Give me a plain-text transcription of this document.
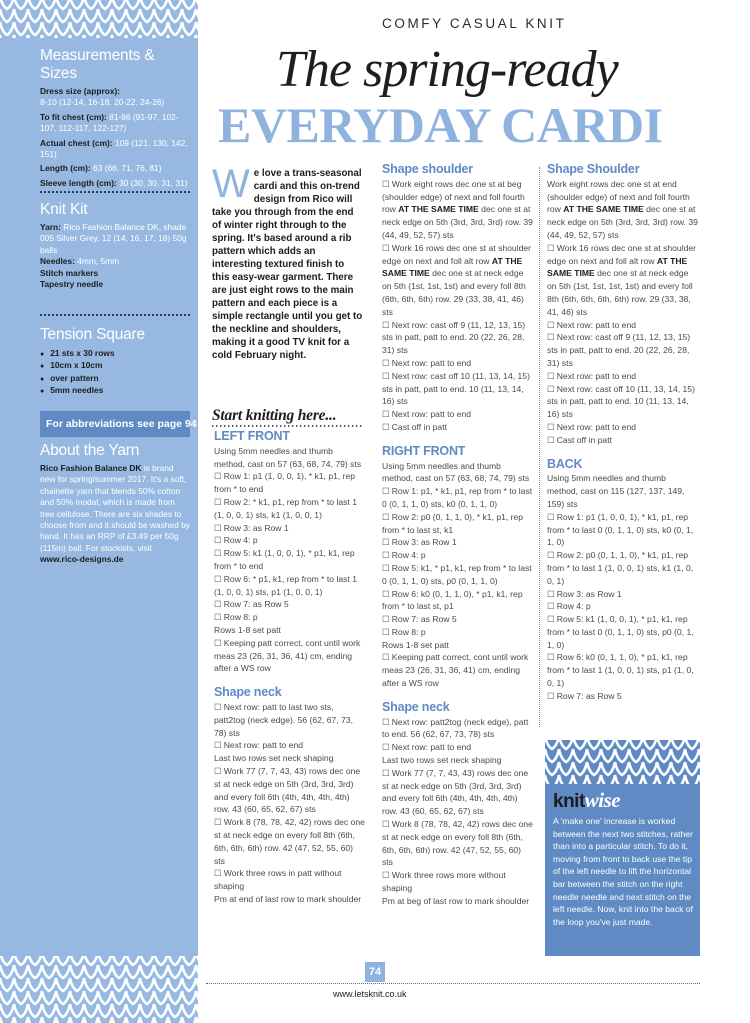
Measurements & Sizes
Dress size (approx):
8-10 (12-14, 16-18, 20-22, 24-26)
To fit chest (cm): 81-86 (91-97, 102-107, 112-117, 122-127)
Actual chest (cm): 109 (121, 130, 142, 151)
Length (cm): 63 (66, 71, 76, 81)
Sleeve length (cm): 30 (30, 30, 31, 31)
Knit Kit
Yarn: Rico Fashion Balance DK, shade 005 Silver Grey, 12 (14, 16, 17, 18) 50g balls
Needles: 4mm, 5mm
Stitch markers
Tapestry needle
Tension Square
● 21 sts x 30 rows
● 10cm x 10cm
● over pattern
● 5mm needles
For abbreviations see page 94
About the Yarn
Rico Fashion Balance DK is brand new for spring/summer 2017. It's a soft, chainette yarn that blends 50% cotton and 50% modal, which is made from tree cellulose. There are six shades to choose from and it should be washed by hand. It has an RRP of £3.49 per 50g (115m) ball. For stockists, visit www.rico-designs.de
COMFY CASUAL KNIT
The spring-ready
EVERYDAY CARDI
We love a trans-seasonal cardi and this on-trend design from Rico will take you through from the end of winter right through to the spring. It's based around a rib pattern which adds an interesting textured finish to this easy-wear garment. There are just eight rows to the main pattern and each piece is a simple rectangle until you get to the neckline and shoulders, making it a good TV knit for a cold February night.
Start knitting here...
LEFT FRONT

Using 5mm needles and thumb method, cast on 57 (63, 68, 74, 79) sts

☐ Row 1: p1 (1, 0, 0, 1), * k1, p1, rep from * to end

☐ Row 2: * k1, p1, rep from * to last 1 (1, 0, 0, 1) sts, k1 (1, 0, 0, 1)

☐ Row 3: as Row 1

☐ Row 4: p

☐ Row 5: k1 (1, 0, 0, 1), * p1, k1, rep from * to end

☐ Row 6: * p1, k1, rep from * to last 1 (1, 0, 0, 1) sts, p1 (1, 0, 0, 1)

☐ Row 7: as Row 5

☐ Row 8: p

Rows 1-8 set patt

☐ Keeping patt correct, cont until work meas 23 (26, 31, 36, 41) cm, ending after a WS row

Shape neck

☐ Next row: patt to last two sts, patt2tog (neck edge). 56 (62, 67, 73, 78) sts

☐ Next row: patt to end

Last two rows set neck shaping

☐ Work 77 (7, 7, 43, 43) rows dec one st at neck edge on 5th (3rd, 3rd, 3rd) and every foll 6th (4th, 4th, 4th, 4th) row. 43 (60, 65, 62, 67) sts

☐ Work 8 (78, 78, 42, 42) rows dec one st at neck edge on every foll 8th (6th, 6th, 6th, 6th) row. 42 (47, 52, 55, 60) sts

☐ Work three rows in patt without shaping

Pm at end of last row to mark shoulder

Shape shoulder

☐ Work eight rows dec one st at beg (shoulder edge) of next and foll fourth row AT THE SAME TIME dec one st at neck edge on 5th (3rd, 3rd, 3rd) row. 39 (44, 49, 52, 57) sts

☐ Work 16 rows dec one st at shoulder edge on next and foll alt row AT THE SAME TIME dec one st at neck edge on 5th (1st, 1st, 1st) and every foll 8th (6th, 6th, 6th) row. 29 (33, 38, 41, 46) sts

☐ Next row: cast off 9 (11, 12, 13, 15) sts in patt, patt to end. 20 (22, 26, 28, 31) sts

☐ Next row: patt to end

☐ Next row: cast off 10 (11, 13, 14, 15) sts in patt, patt to end. 10 (11, 13, 14, 16) sts

☐ Next row: patt to end

☐ Cast off in patt

RIGHT FRONT

Using 5mm needles and thumb method, cast on 57 (63, 68, 74, 79) sts

☐ Row 1: p1, * k1, p1, rep from * to last 0 (0, 1, 1, 0) sts, k0 (0, 1, 1, 0)

☐ Row 2: p0 (0, 1, 1, 0), * k1, p1, rep from * to last st, k1

☐ Row 3: as Row 1

☐ Row 4: p

☐ Row 5: k1, * p1, k1, rep from * to last 0 (0, 1, 1, 0) sts, p0 (0, 1, 1, 0)

☐ Row 6: k0 (0, 1, 1, 0), * p1, k1, rep from * to last st, p1

☐ Row 7: as Row 5

☐ Row 8: p

Rows 1-8 set patt

☐ Keeping patt correct, cont until work meas 23 (26, 31, 36, 41) cm, ending after a WS row

Shape neck

☐ Next row: patt2tog (neck edge), patt to end. 56 (62, 67, 73, 78) sts

☐ Next row: patt to end

Last two rows set neck shaping

☐ Work 77 (7, 7, 43, 43) rows dec one st at neck edge on 5th (3rd, 3rd, 3rd) and every foll 6th (4th, 4th, 4th, 4th) row. 43 (60, 65, 62, 67) sts

☐ Work 8 (78, 78, 42, 42) rows dec one st at neck edge on every foll 8th (6th, 6th, 6th, 6th) row. 42 (47, 52, 55, 60) sts

☐ Work three rows more without shaping

Pm at beg of last row to mark shoulder

Shape Shoulder

Work eight rows dec one st at end (shoulder edge) of next and foll fourth row AT THE SAME TIME dec one st at neck edge on 5th (3rd, 3rd, 3rd) row. 39 (44, 49, 52, 57) sts

☐ Work 16 rows dec one st at shoulder edge on next and foll alt row AT THE SAME TIME dec one st at neck edge on 5th (1st, 1st, 1st, 1st) and every foll 8th (6th, 6th, 6th, 6th) row. 29 (33, 38, 41, 46) sts

☐ Next row: patt to end

☐ Next row: cast off 9 (11, 12, 13, 15) sts in patt, patt to end. 20 (22, 26, 28, 31) sts

☐ Next row: patt to end

☐ Next row: cast off 10 (11, 13, 14, 15) sts in patt, patt to end. 10 (11, 13, 14, 16) sts

☐ Next row: patt to end

☐ Cast off in patt

BACK

Using 5mm needles and thumb method, cast on 115 (127, 137, 149, 159) sts

☐ Row 1: p1 (1, 0, 0, 1), * k1, p1, rep from * to last 0 (0, 1, 1, 0) sts, k0 (0, 1, 1, 0)

☐ Row 2: p0 (0, 1, 1, 0), * k1, p1, rep from * to last 1 (1, 0, 0, 1) sts, k1 (1, 0, 0, 1)

☐ Row 3: as Row 1

☐ Row 4: p

☐ Row 5: k1 (1, 0, 0, 1), * p1, k1, rep from * to last 0 (0, 1, 1, 0) sts, p0 (0, 1, 1, 0)

☐ Row 6: k0 (0, 1, 1, 0), * p1, k1, rep from * to last 1 (1, 0, 0, 1) sts, p1 (1, 0, 0, 1)

☐ Row 7: as Row 5

knitwise
A 'make one' increase is worked between the next two stitches, rather than into a particular stitch. To do it, moving from front to back use the tip of the left needle to lift the horizontal bar between the stitch on the right needle needle and next stitch on the left needle. Now, knit into the back of the loop you've just made.
74
www.letsknit.co.uk
